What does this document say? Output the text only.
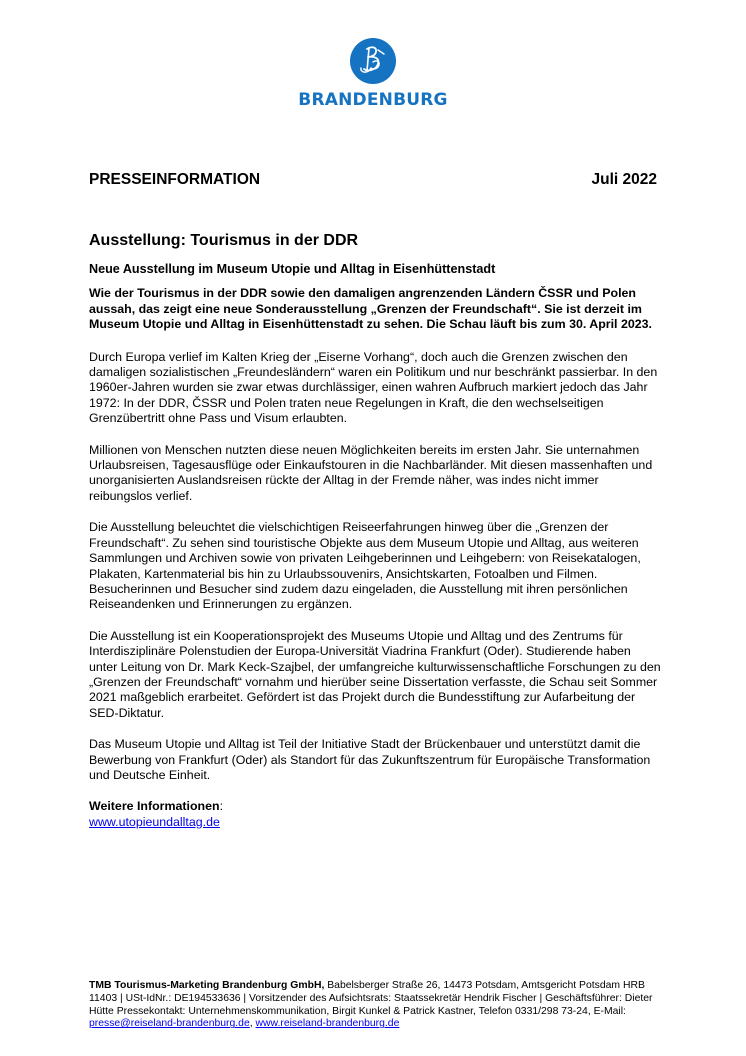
BRANDENBURG
PRESSEINFORMATION	Juli 2022
Ausstellung: Tourismus in der DDR
Neue Ausstellung im Museum Utopie und Alltag in Eisenhüttenstadt

Wie der Tourismus in der DDR sowie den damaligen angrenzenden Ländern ČSSR und Polen aussah, das zeigt eine neue Sonderausstellung „Grenzen der Freundschaft“. Sie ist derzeit im Museum Utopie und Alltag in Eisenhüttenstadt zu sehen. Die Schau läuft bis zum 30. April 2023.

Durch Europa verlief im Kalten Krieg der „Eiserne Vorhang“, doch auch die Grenzen zwischen den damaligen sozialistischen „Freundesländern“ waren ein Politikum und nur beschränkt passierbar. In den 1960er-Jahren wurden sie zwar etwas durchlässiger, einen wahren Aufbruch markiert jedoch das Jahr 1972: In der DDR, ČSSR und Polen traten neue Regelungen in Kraft, die den wechselseitigen Grenzübertritt ohne Pass und Visum erlaubten.

Millionen von Menschen nutzten diese neuen Möglichkeiten bereits im ersten Jahr. Sie unternahmen Urlaubsreisen, Tagesausflüge oder Einkaufstouren in die Nachbarländer. Mit diesen massenhaften und unorganisierten Auslandsreisen rückte der Alltag in der Fremde näher, was indes nicht immer reibungslos verlief.

Die Ausstellung beleuchtet die vielschichtigen Reiseerfahrungen hinweg über die „Grenzen der Freundschaft“. Zu sehen sind touristische Objekte aus dem Museum Utopie und Alltag, aus weiteren Sammlungen und Archiven sowie von privaten Leihgeberinnen und Leihgebern: von Reisekatalogen, Plakaten, Kartenmaterial bis hin zu Urlaubssouvenirs, Ansichtskarten, Fotoalben und Filmen. Besucherinnen und Besucher sind zudem dazu eingeladen, die Ausstellung mit ihren persönlichen Reiseandenken und Erinnerungen zu ergänzen.

Die Ausstellung ist ein Kooperationsprojekt des Museums Utopie und Alltag und des Zentrums für Interdisziplinäre Polenstudien der Europa-Universität Viadrina Frankfurt (Oder). Studierende haben unter Leitung von Dr. Mark Keck-Szajbel, der umfangreiche kulturwissenschaftliche Forschungen zu den „Grenzen der Freundschaft“ vornahm und hierüber seine Dissertation verfasste, die Schau seit Sommer 2021 maßgeblich erarbeitet. Gefördert ist das Projekt durch die Bundesstiftung zur Aufarbeitung der SED-Diktatur.

Das Museum Utopie und Alltag ist Teil der Initiative Stadt der Brückenbauer und unterstützt damit die Bewerbung von Frankfurt (Oder) als Standort für das Zukunftszentrum für Europäische Transformation und Deutsche Einheit.

Weitere Informationen:
www.utopieundalltag.de
TMB Tourismus-Marketing Brandenburg GmbH, Babelsberger Straße 26, 14473 Potsdam, Amtsgericht Potsdam HRB 11403 | USt-IdNr.: DE194533636 | Vorsitzender des Aufsichtsrats: Staatssekretär Hendrik Fischer | Geschäftsführer: Dieter Hütte Pressekontakt: Unternehmenskommunikation, Birgit Kunkel & Patrick Kastner, Telefon 0331/298 73-24, E-Mail: presse@reiseland-brandenburg.de, www.reiseland-brandenburg.de
